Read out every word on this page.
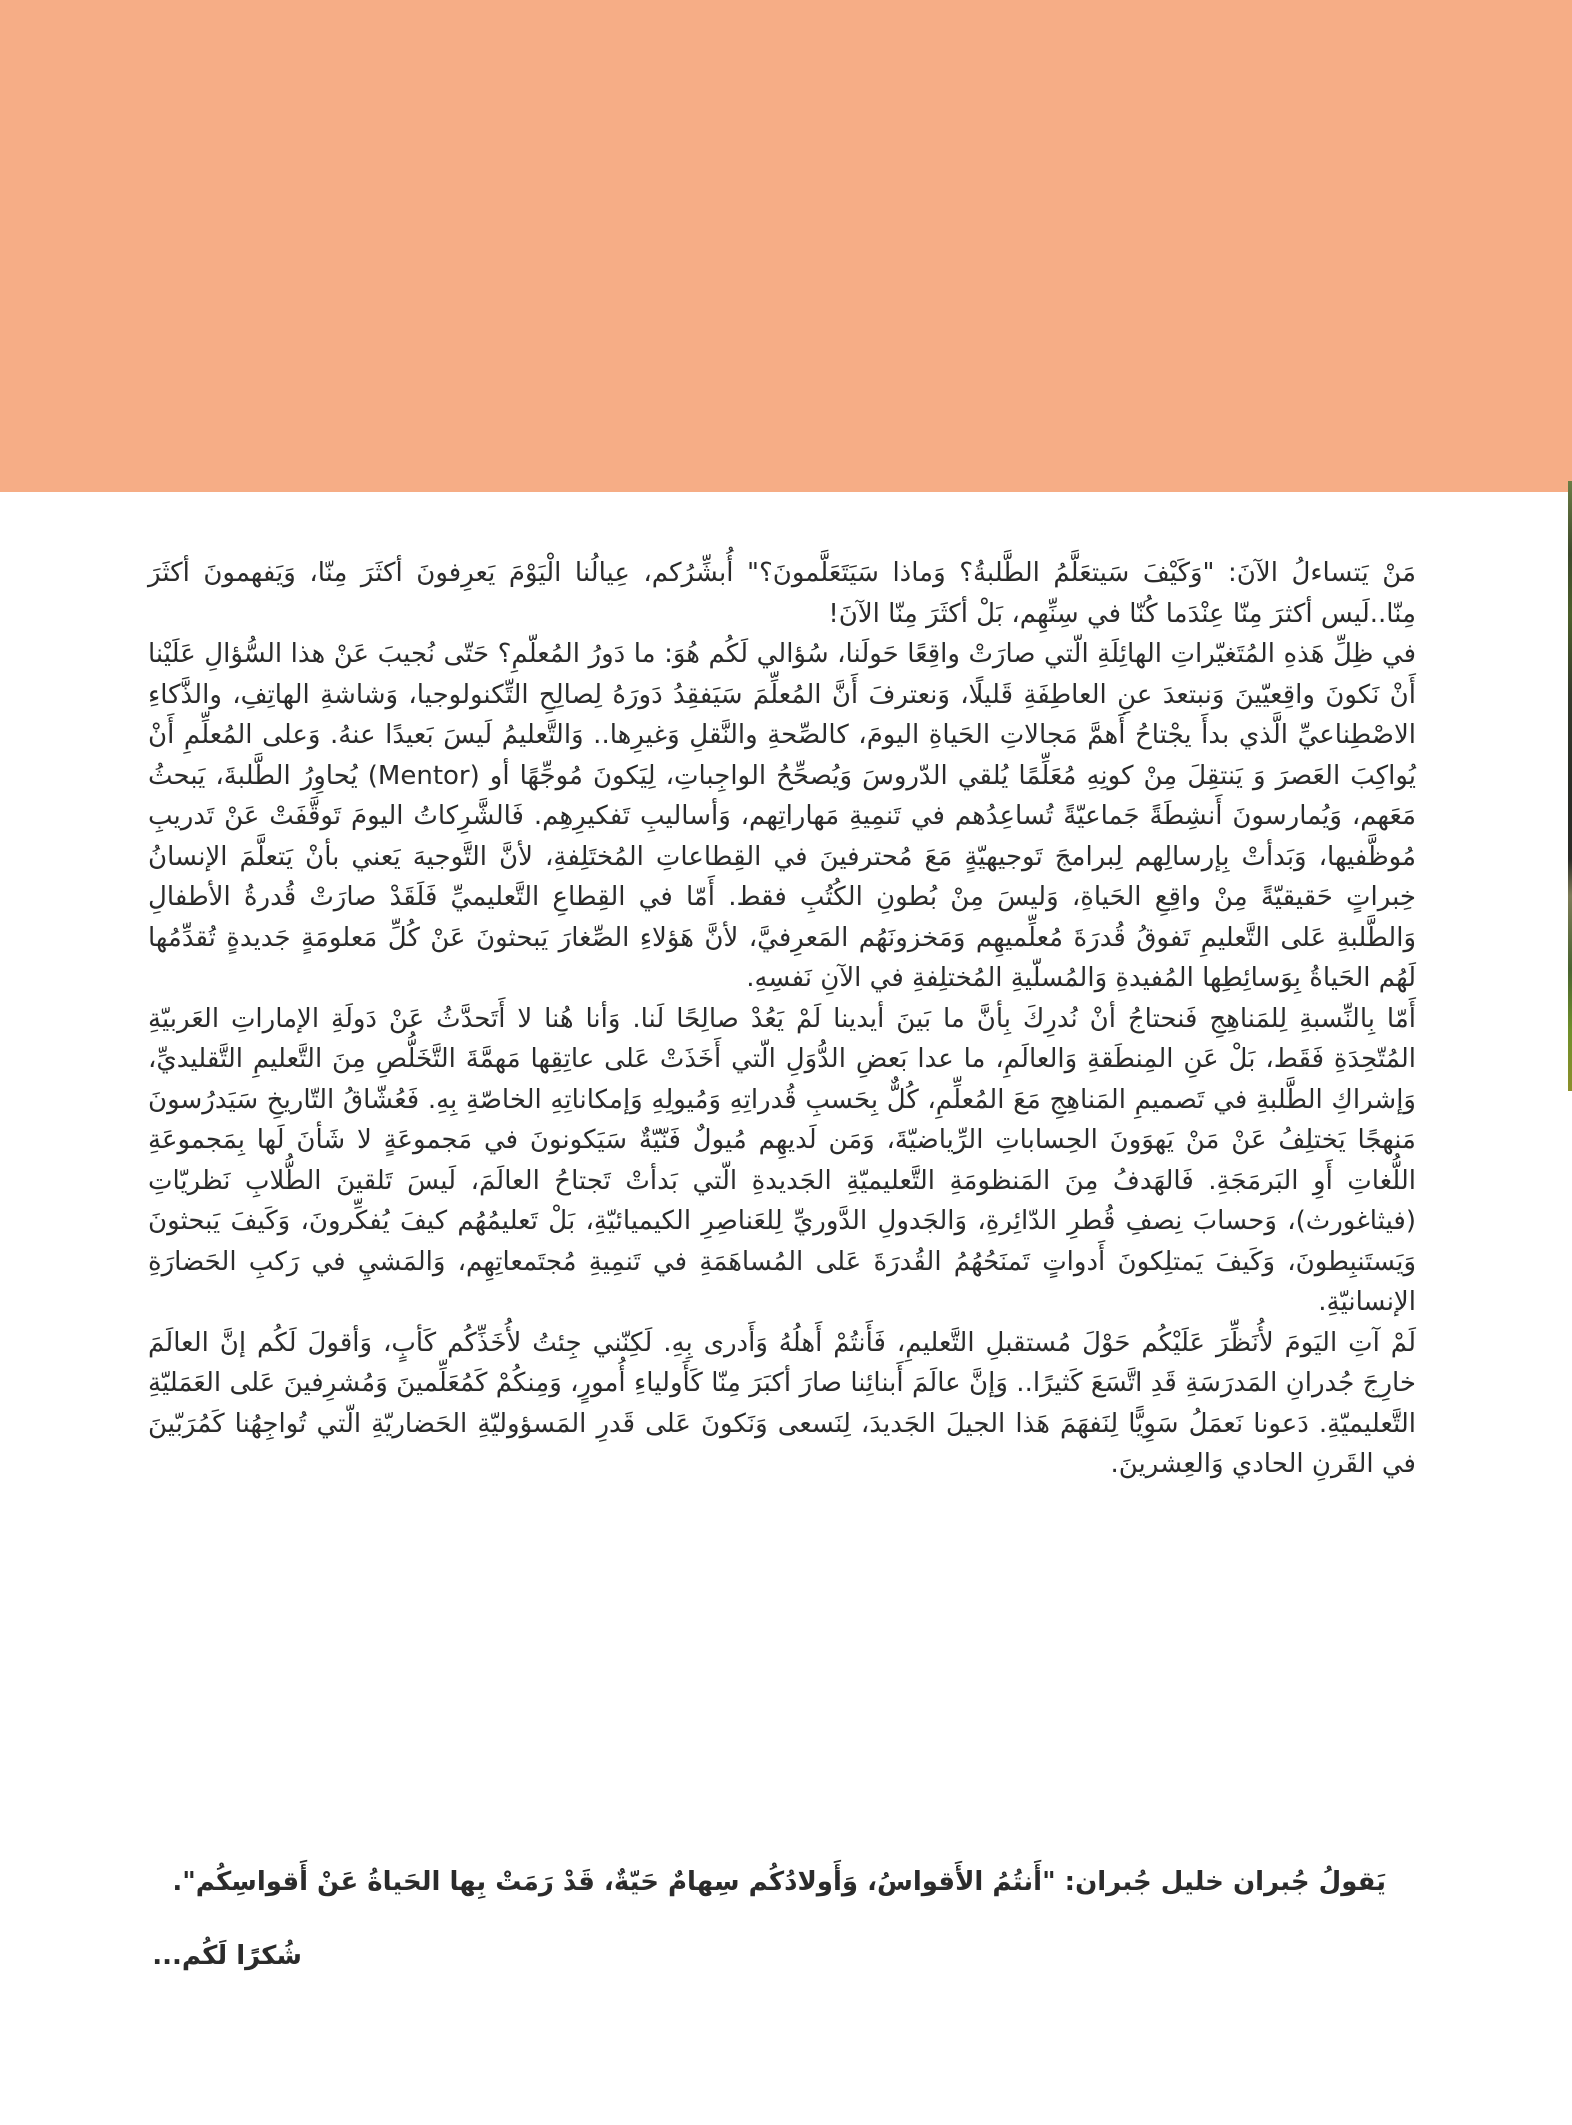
مَنْ يَتساءلُ الآنَ: "وَكَيْفَ سَيتعَلَّمُ الطَّلبةُ؟ وَماذا سَيَتَعَلَّمونَ؟" أُبشِّرُكم، عِيالُنا الْيَوْمَ يَعرِفونَ أكثَرَ مِنّا، وَيَفهمونَ أكثَرَ مِنّا..لَيس أكثرَ مِنّا عِنْدَما كُنّا في سِنِّهِم، بَلْ أكثَرَ مِنّا الآنَ!

في ظِلِّ هَذهِ المُتَغيّراتِ الهائِلَةِ الّتي صارَتْ واقِعًا حَولَنا، سُؤالي لَكُم هُوَ: ما دَورُ المُعلّمِ؟ حَتّى نُجيبَ عَنْ هذا السُّؤالِ عَلَيْنا أَنْ نَكونَ واقِعيّينَ وَنبتعدَ عنِ العاطِفَةِ قَليلًا، وَنعترفَ أَنَّ المُعلِّمَ سَيَفقِدُ دَورَهُ لِصالِحِ التِّكنولوجيا، وَشاشةِ الهاتِفِ، والذَّكاءِ الاصْطِناعيِّ الَّذي بدأَ يجْتاحُ أَهمَّ مَجالاتِ الحَياةِ اليومَ، كالصِّحةِ والنَّقلِ وَغيرِها.. وَالتَّعليمُ لَيسَ بَعيدًا عنهُ. وَعلى المُعلِّمِ أَنْ يُواكِبَ العَصرَ وَ يَنتقِلَ مِنْ كونِهِ مُعَلِّمًا يُلقي الدّروسَ وَيُصحِّحُ الواجِباتِ، لِيَكونَ مُوجِّهًا أو (Mentor) يُحاوِرُ الطَّلبةَ، يَبحثُ مَعَهم، وَيُمارسونَ أَنشِطَةً جَماعيّةً تُساعِدُهم في تَنمِيةِ مَهاراتِهم، وَأساليبِ تَفكيرِهِم. فَالشَّرِكاتُ اليومَ تَوقَّفَتْ عَنْ تَدريبِ مُوظَّفيها، وَبَدأتْ بِإرسالِهم لِبرامجَ تَوجيهيّةٍ مَعَ مُحترفينَ في القِطاعاتِ المُختَلِفةِ، لأنَّ التَّوجيهَ يَعني بأنْ يَتعلَّمَ الإنسانُ خِبراتٍ حَقيقيّةً مِنْ واقِعِ الحَياةِ، وَليسَ مِنْ بُطونِ الكُتُبِ فقط. أَمّا في القِطاعِ التَّعليميِّ فَلَقَدْ صارَتْ قُدرةُ الأطفالِ وَالطَّلبةِ عَلى التَّعليمِ تَفوقُ قُدرَةَ مُعلِّميهِم وَمَخزونَهُم المَعرِفيَّ، لأنَّ هَؤلاءِ الصِّغارَ يَبحثونَ عَنْ كُلِّ مَعلومَةٍ جَديدةٍ تُقدِّمُها لَهُم الحَياةُ بِوَسائِطِها المُفيدةِ وَالمُسلّيةِ المُختلِفةِ في الآنِ نَفسِهِ.

أَمّا بِالنِّسبةِ لِلمَناهِجِ فَنحتاجُ أنْ نُدرِكَ بِأنَّ ما بَينَ أيدينا لَمْ يَعُدْ صالِحًا لَنا. وَأنا هُنا لا أَتَحدَّثُ عَنْ دَولَةِ الإماراتِ العَربيّةِ المُتّحِدَةِ فَقَط، بَلْ عَنِ المِنطَقةِ وَالعالَمِ، ما عدا بَعضِ الدُّوَلِ الّتي أَخَذَتْ عَلى عاتِقِها مَهمَّةَ التَّخَلُّصِ مِنَ التَّعليمِ التَّقليديِّ، وَإشراكِ الطَّلبةِ في تَصميمِ المَناهِجِ مَعَ المُعلِّمِ، كُلٌّ بِحَسبِ قُدراتِهِ وَمُيولِهِ وَإمكاناتِهِ الخاصّةِ بِهِ. فَعُشّاقُ التّاريخِ سَيَدرُسونَ مَنهجًا يَختلِفُ عَنْ مَنْ يَهوَونَ الحِساباتِ الرِّياضيّةَ، وَمَن لَديهِم مُيولٌ فَنّيّةٌ سَيَكونونَ في مَجموعَةٍ لا شَأنَ لَها بِمَجموعَةِ اللُّغاتِ أَوِ البَرمَجَةِ. فَالهَدفُ مِنَ المَنظومَةِ التَّعليميّةِ الجَديدةِ الّتي بَدأتْ تَجتاحُ العالَمَ، لَيسَ تَلقينَ الطُّلابِ نَظريّاتِ (فيثاغورث)، وَحسابَ نِصفِ قُطرِ الدّائِرةِ، وَالجَدولِ الدَّوريِّ لِلعَناصِرِ الكيميائيّةِ، بَلْ تَعليمُهُم كيفَ يُفكِّرونَ، وَكَيفَ يَبحثونَ وَيَستَنبِطونَ، وَكَيفَ يَمتلِكونَ أَدواتٍ تَمنَحُهُمُ القُدرَةَ عَلى المُساهَمَةِ في تَنمِيةِ مُجتَمعاتِهِم، وَالمَشيِ في رَكبِ الحَضارَةِ الإنسانيّةِ.

لَمْ آتِ اليَومَ لأُنَظِّرَ عَلَيْكُم حَوْلَ مُستقبلِ التَّعليمِ، فَأَنتُمْ أَهلُهُ وَأَدرى بِهِ. لَكِنّني جِئتُ لأُخَذِّكُم كَأبٍ، وَأقولَ لَكُم إنَّ العالَمَ خارِجَ جُدرانِ المَدرَسَةِ قَدِ اتَّسَعَ كَثيرًا.. وَإنَّ عالَمَ أَبنائِنا صارَ أكبَرَ مِنّا كَأَولياءِ أُمورٍ، وَمِنكُمْ كَمُعَلِّمينَ وَمُشرِفينَ عَلى العَمَليّةِ التَّعليميّةِ. دَعونا نَعمَلُ سَوِيًّا لِنَفهَمَ هَذا الجيلَ الجَديدَ، لِنَسعى وَنَكونَ عَلى قَدرِ المَسؤوليّةِ الحَضاريّةِ الّتي تُواجِهُنا كَمُرَبّينَ في القَرنِ الحادي وَالعِشرينَ.

يَقولُ جُبران خليل جُبران: "أَنتُمُ الأَقواسُ، وَأَولادُكُم سِهامٌ حَيّةٌ، قَدْ رَمَتْ بِها الحَياةُ عَنْ أَقواسِكُم".
شُكرًا لَكُم...
